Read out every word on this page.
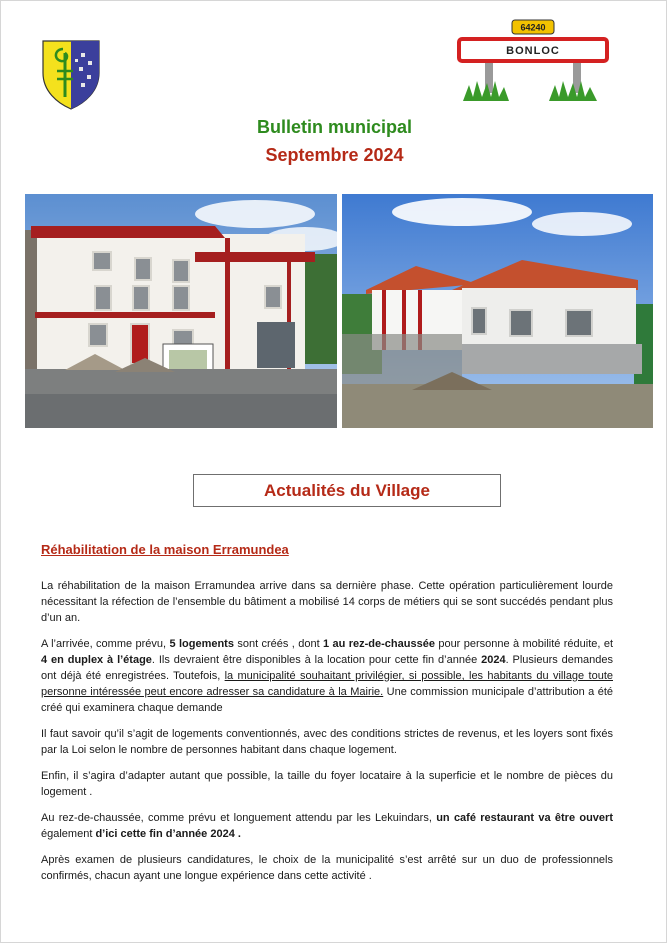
64240
BONLOC
Bulletin municipal
Septembre 2024
Actualités du Village
Réhabilitation de la maison Erramundea

La réhabilitation de la maison Erramundea arrive dans sa dernière phase. Cette opération particulièrement lourde nécessitant la réfection de l’ensemble du bâtiment a mobilisé 14 corps de métiers qui se sont succédés pendant plus d’un an.

A l’arrivée, comme prévu, 5 logements sont créés , dont 1 au rez-de-chaussée pour personne à mobilité réduite, et 4 en duplex à l’étage. Ils devraient être disponibles à la location pour cette fin d’année 2024. Plusieurs demandes ont déjà été enregistrées. Toutefois, la municipalité souhaitant privilégier, si possible, les habitants du village toute personne intéressée peut encore adresser sa candidature à la Mairie. Une commission municipale d’attribution a été créé qui examinera chaque demande

Il faut savoir qu’il s’agit de logements conventionnés, avec des conditions strictes de revenus, et les loyers sont fixés par la Loi selon le nombre de personnes habitant dans chaque logement.

Enfin, il s’agira d’adapter autant que possible, la taille du foyer locataire à la superficie et le nombre de pièces du logement .

Au rez-de-chaussée, comme prévu et longuement attendu par les Lekuindars, un café restaurant va être ouvert également d’ici cette fin d’année 2024 .

Après examen de plusieurs candidatures, le choix de la municipalité s’est arrêté sur un duo de professionnels confirmés, chacun ayant une longue expérience dans cette activité .
